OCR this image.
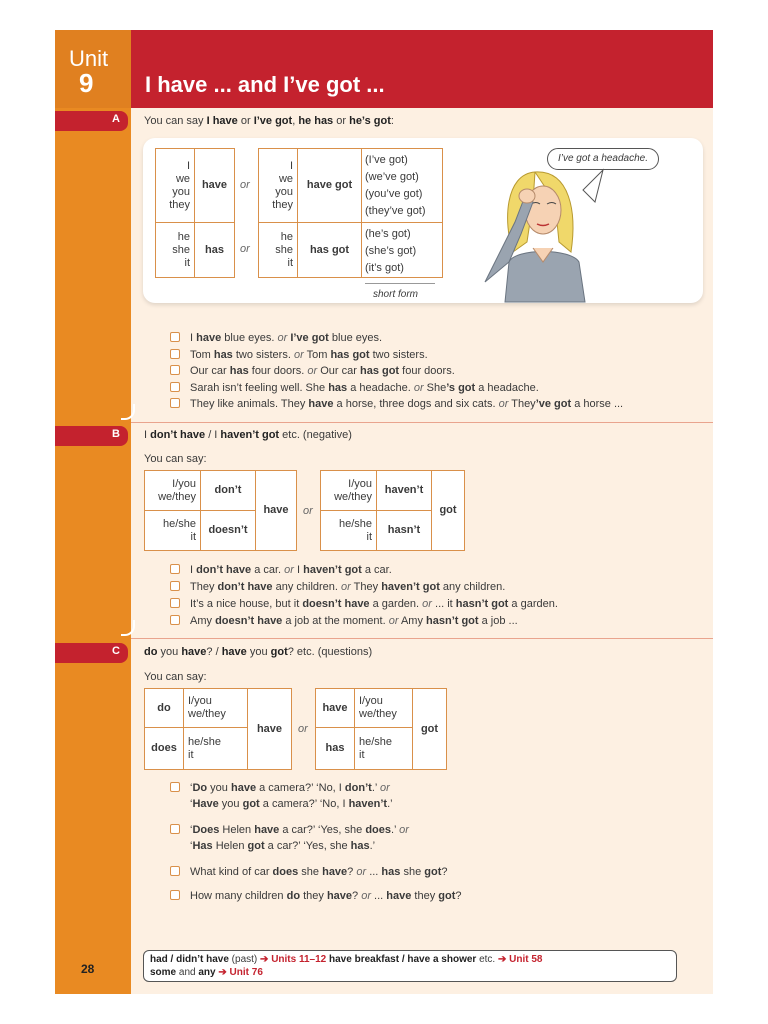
Unit
9 I have ... and I’ve got ...
A You can say I have or I’ve got, he has or he’s got:
I
we
you
they
he
she
it
have
has
or
or
I
we
you
they
he
she
it
have got
has got
(I’ve got)
(we’ve got)
(you’ve got)
(they’ve got)
(he’s got)
(she’s got)
(it’s got)
short form
I’ve got a headache.
I have blue eyes. or I’ve got blue eyes.
Tom has two sisters. or Tom has got two sisters.
Our car has four doors. or Our car has got four doors.
Sarah isn’t feeling well. She has a headache. or She’s got a headache.
They like animals. They have a horse, three dogs and six cats. or They’ve got a horse ...
B I don’t have / I haven’t got etc. (negative)
You can say:
I/you
we/they
he/she
it
don’t
doesn’t
have	or
I/you
we/they
he/she
it
haven’t
hasn’t
got
I don’t have a car. or I haven’t got a car.
They don’t have any children. or They haven’t got any children.
It’s a nice house, but it doesn’t have a garden. or ... it hasn’t got a garden.
Amy doesn’t have a job at the moment. or Amy hasn’t got a job ...
C do you have? / have you got? etc. (questions)
You can say:
do
does
I/you
we/they
he/she
it
have	or
have
has
I/you
we/they
he/she
it
got
‘Do you have a camera?’ ‘No, I don’t.’ or
‘Have you got a camera?’ ‘No, I haven’t.’
‘Does Helen have a car?’ ‘Yes, she does.’ or
‘Has Helen got a car?’ ‘Yes, she has.’
What kind of car does she have? or ... has she got?
How many children do they have? or ... have they got?
had / didn’t have (past) ➔ Units 11–12 have breakfast / have a shower etc. ➔ Unit 58
some and any ➔ Unit 76
28
